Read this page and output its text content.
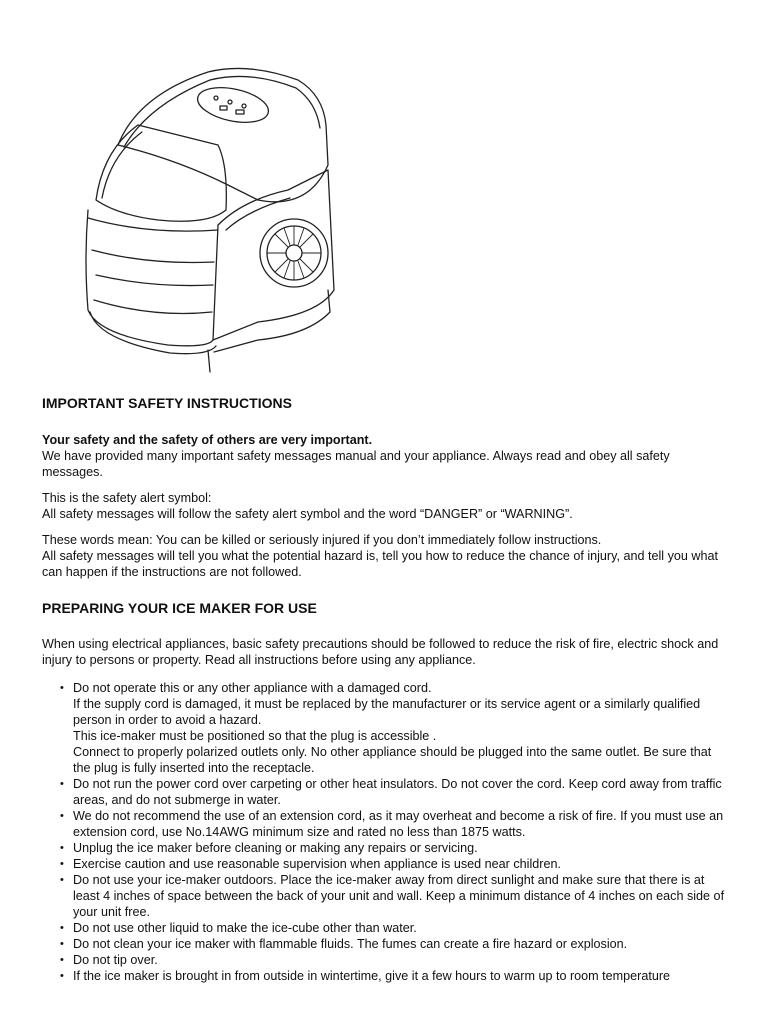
IMPORTANT SAFETY INSTRUCTIONS

Your safety and the safety of others are very important.

We have provided many important safety messages manual and your appliance. Always read and obey all safety messages.

This is the safety alert symbol:

All safety messages will follow the safety alert symbol and the word “DANGER” or “WARNING”.

These words mean: You can be killed or seriously injured if you don’t immediately follow instructions.

All safety messages will tell you what the potential hazard is, tell you how to reduce the chance of injury, and tell you what can happen if the instructions are not followed.

PREPARING YOUR ICE MAKER FOR USE

When using electrical appliances, basic safety precautions should be followed to reduce the risk of fire, electric shock and injury to persons or property. Read all instructions before using any appliance.

• Do not operate this or any other appliance with a damaged cord.
If the supply cord is damaged, it must be replaced by the manufacturer or its service agent or a similarly qualified person in order to avoid a hazard.
This ice-maker must be positioned so that the plug is accessible .
Connect to properly polarized outlets only. No other appliance should be plugged into the same outlet. Be sure that the plug is fully inserted into the receptacle.
• Do not run the power cord over carpeting or other heat insulators. Do not cover the cord. Keep cord away from traffic areas, and do not submerge in water.
• We do not recommend the use of an extension cord, as it may overheat and become a risk of fire. If you must use an extension cord, use No.14AWG minimum size and rated no less than 1875 watts.
• Unplug the ice maker before cleaning or making any repairs or servicing.
• Exercise caution and use reasonable supervision when appliance is used near children.
• Do not use your ice-maker outdoors. Place the ice-maker away from direct sunlight and make sure that there is at least 4 inches of space between the back of your unit and wall. Keep a minimum distance of 4 inches on each side of your unit free.
• Do not use other liquid to make the ice-cube other than water.
• Do not clean your ice maker with flammable fluids. The fumes can create a fire hazard or explosion.
• Do not tip over.
• If the ice maker is brought in from outside in wintertime, give it a few hours to warm up to room temperature
